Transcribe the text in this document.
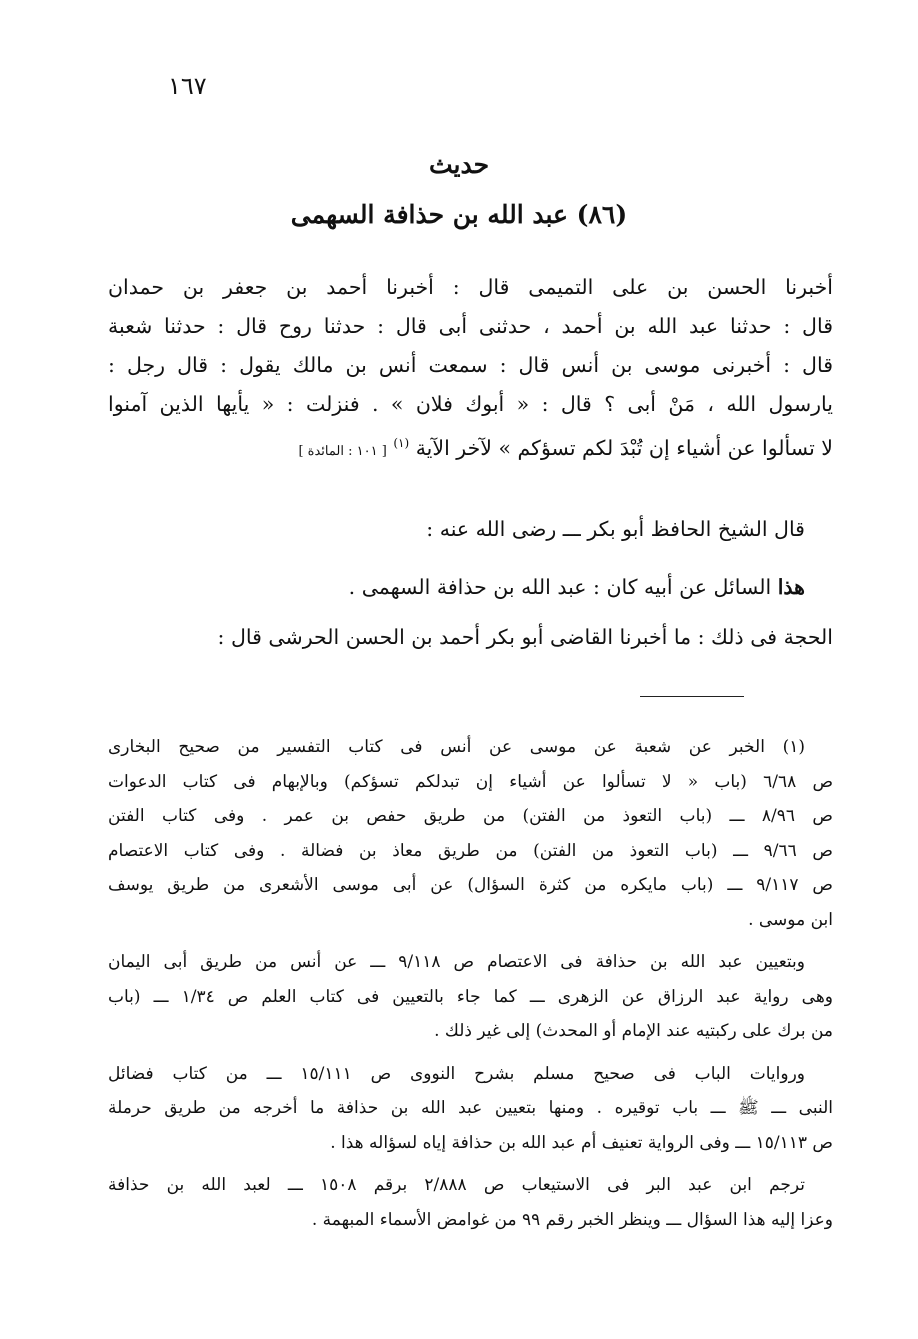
١٦٧
حديث
(٨٦) عبد الله بن حذافة السهمى
أخبرنا الحسن بن على التميمى قال : أخبرنا أحمد بن جعفر بن حمدان
قال : حدثنا عبد الله بن أحمد ، حدثنى أبى قال : حدثنا روح قال : حدثنا شعبة
قال : أخبرنى موسى بن أنس قال : سمعت أنس بن مالك يقول : قال رجل :
يارسول الله ، مَنْ أبى ؟ قال : « أبوك فلان » . فنزلت : « يأيها الذين آمنوا
لا تسألوا عن أشياء إن تُبْدَ لكم تسؤكم » لآخر الآية $^{(١)}$ [ ١٠١ : المائدة ]
قال الشيخ الحافظ أبو بكر ـــ رضى الله عنه :
هذا السائل عن أبيه كان : عبد الله بن حذافة السهمى .
الحجة فى ذلك : ما أخبرنا القاضى أبو بكر أحمد بن الحسن الحرشى قال :
(١) الخبر عن شعبة عن موسى عن أنس فى كتاب التفسير من صحيح البخارى
ص ٦/٦٨ (باب « لا تسألوا عن أشياء إن تبدلكم تسؤكم) وبالإبهام فى كتاب الدعوات
ص ٨/٩٦ ـــ (باب التعوذ من الفتن) من طريق حفص بن عمر . وفى كتاب الفتن
ص ٩/٦٦ ـــ (باب التعوذ من الفتن) من طريق معاذ بن فضالة . وفى كتاب الاعتصام
ص ٩/١١٧ ـــ (باب مايكره من كثرة السؤال) عن أبى موسى الأشعرى من طريق يوسف
ابن موسى .
وبتعيين عبد الله بن حذافة فى الاعتصام ص ٩/١١٨ ـــ عن أنس من طريق أبى اليمان
وهى رواية عبد الرزاق عن الزهرى ـــ كما جاء بالتعيين فى كتاب العلم ص ١/٣٤ ـــ (باب
من برك على ركبتيه عند الإمام أو المحدث) إلى غير ذلك .
وروايات الباب فى صحيح مسلم بشرح النووى ص ١٥/١١١ ـــ من كتاب فضائل
النبى ـــ ﷺ ـــ باب توقيره . ومنها بتعيين عبد الله بن حذافة ما أخرجه من طريق حرملة
ص ١٥/١١٣ ـــ وفى الرواية تعنيف أم عبد الله بن حذافة إياه لسؤاله هذا .
ترجم ابن عبد البر فى الاستيعاب ص ٢/٨٨٨ برقم ١٥٠٨ ـــ لعبد الله بن حذافة
وعزا إليه هذا السؤال ـــ وينظر الخبر رقم ٩٩ من غوامض الأسماء المبهمة .
